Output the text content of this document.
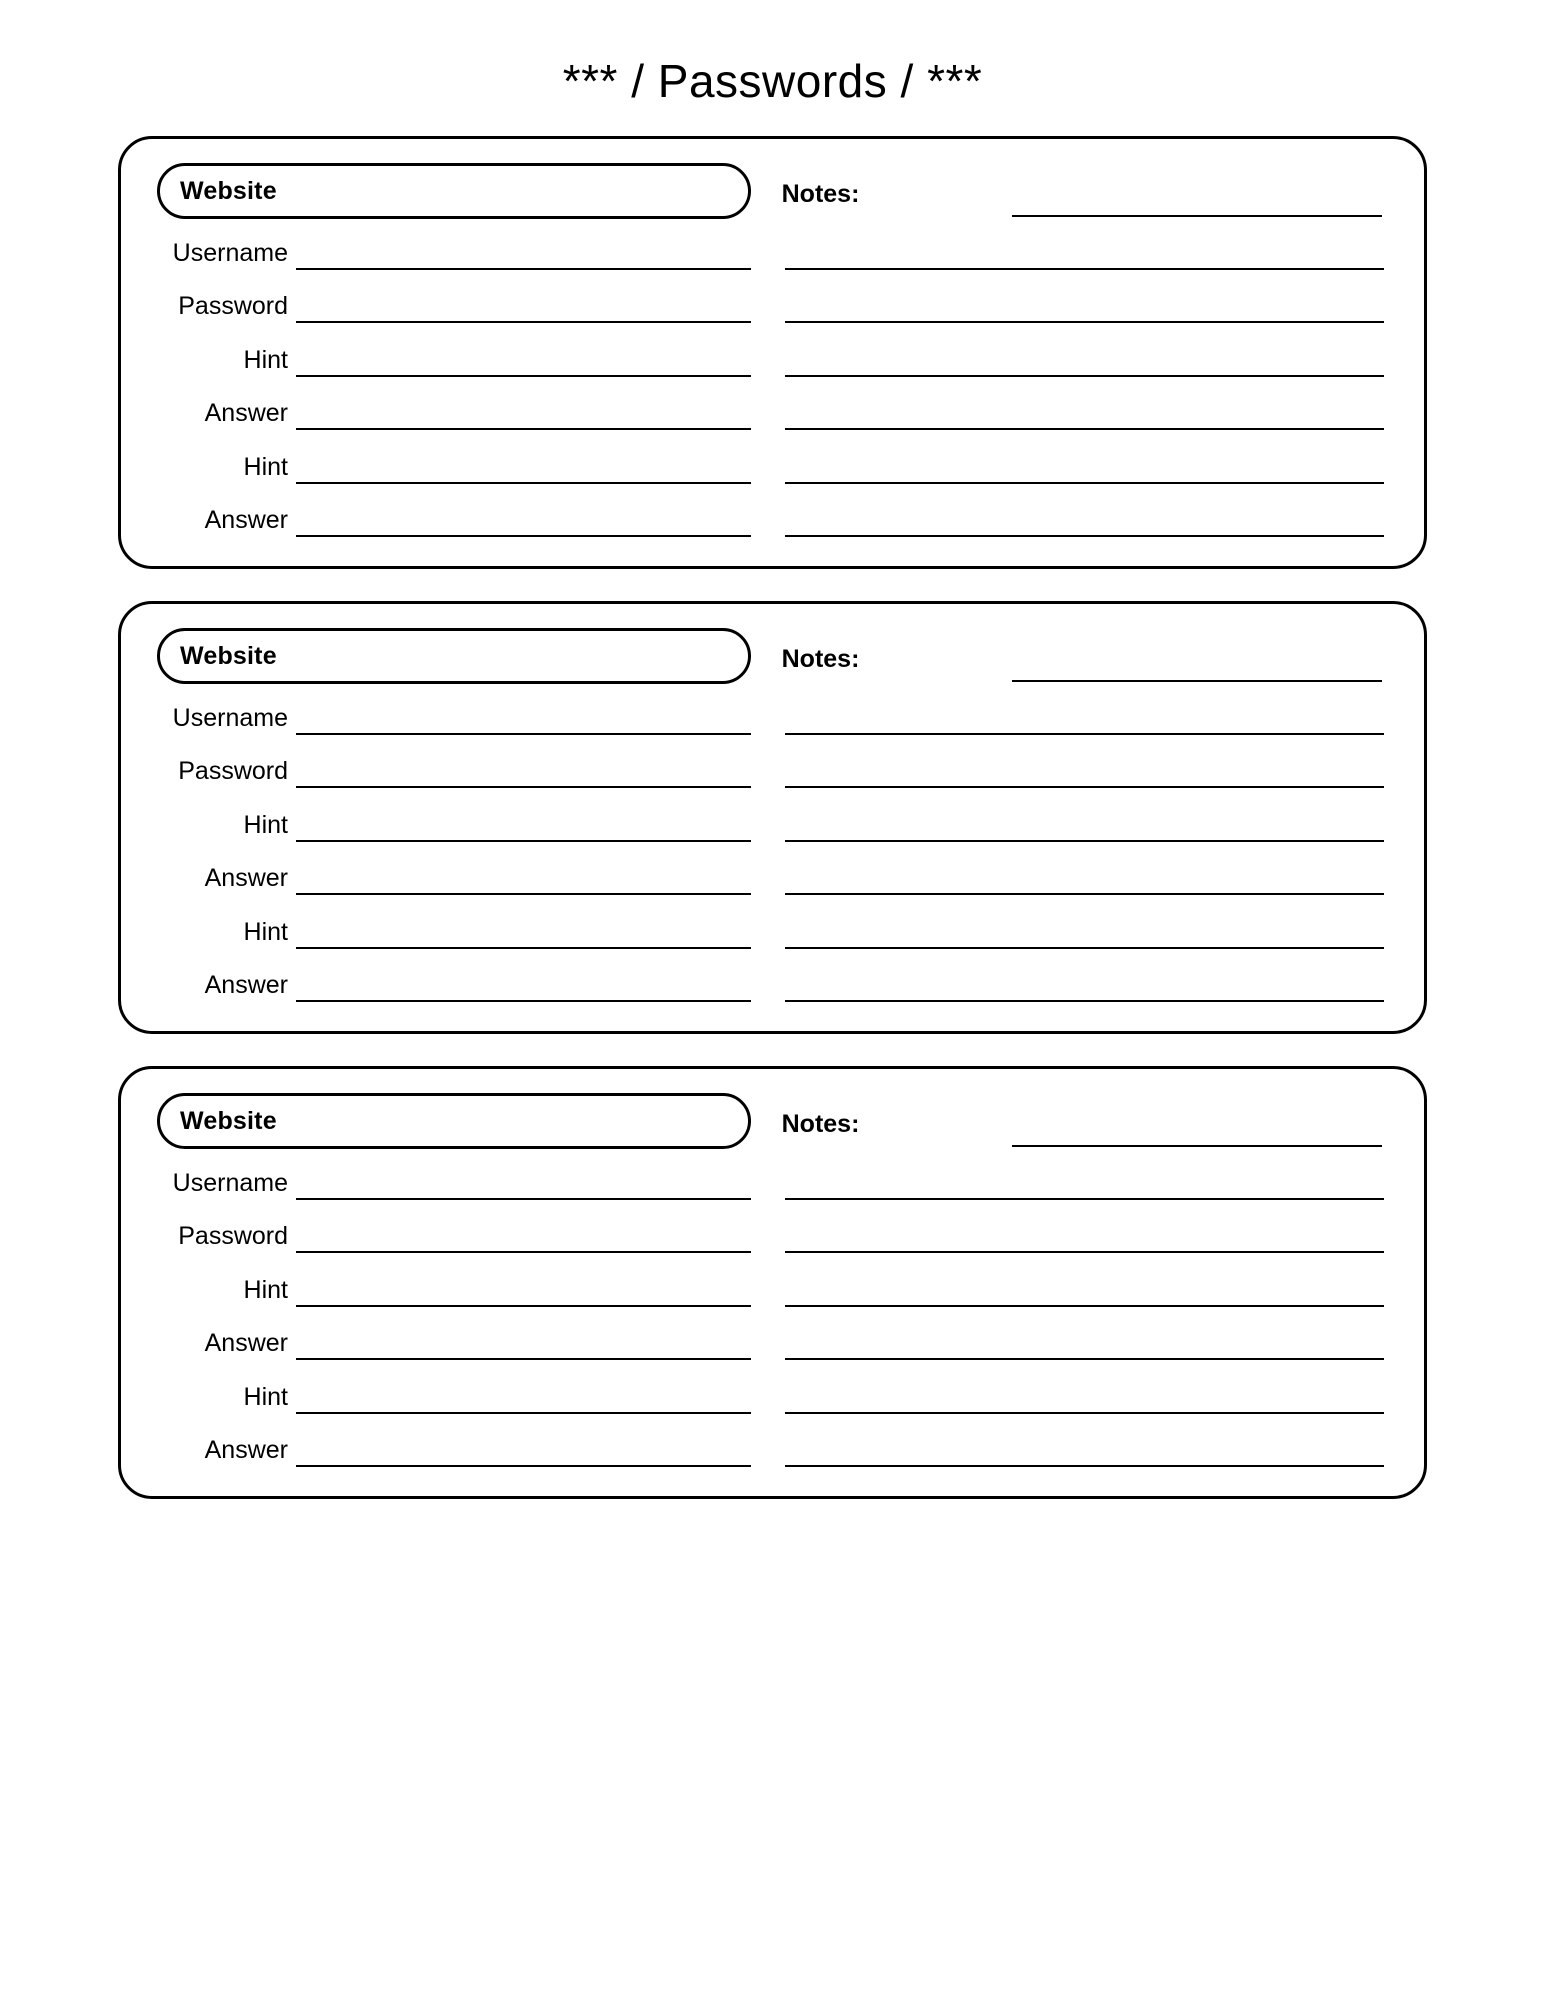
*** / Passwords / ***
Website
Username
Password
Hint
Answer
Hint
Answer
Notes:
Website
Username
Password
Hint
Answer
Hint
Answer
Notes:
Website
Username
Password
Hint
Answer
Hint
Answer
Notes:
